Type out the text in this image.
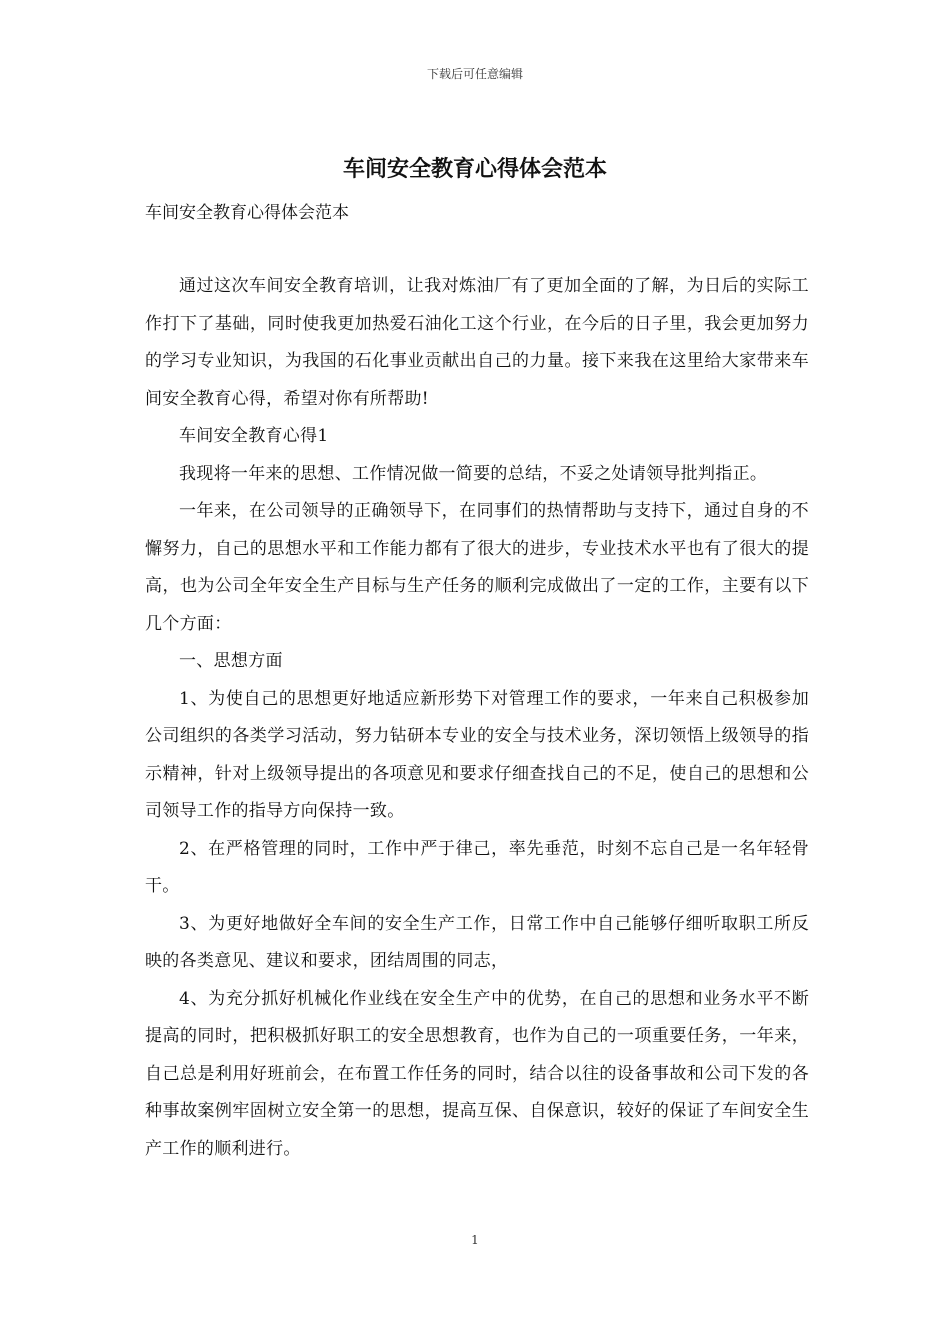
下载后可任意编辑
车间安全教育心得体会范本
车间安全教育心得体会范本

通过这次车间安全教育培训，让我对炼油厂有了更加全面的了解，为日后的实际工作打下了基础，同时使我更加热爱石油化工这个行业，在今后的日子里，我会更加努力的学习专业知识，为我国的石化事业贡献出自己的力量。接下来我在这里给大家带来车间安全教育心得，希望对你有所帮助!

车间安全教育心得1

我现将一年来的思想、工作情况做一简要的总结，不妥之处请领导批判指正。

一年来，在公司领导的正确领导下，在同事们的热情帮助与支持下，通过自身的不懈努力，自己的思想水平和工作能力都有了很大的进步，专业技术水平也有了很大的提高，也为公司全年安全生产目标与生产任务的顺利完成做出了一定的工作，主要有以下几个方面：

一、思想方面

1、为使自己的思想更好地适应新形势下对管理工作的要求，一年来自己积极参加公司组织的各类学习活动，努力钻研本专业的安全与技术业务，深切领悟上级领导的指示精神，针对上级领导提出的各项意见和要求仔细查找自己的不足，使自己的思想和公司领导工作的指导方向保持一致。

2、在严格管理的同时，工作中严于律己，率先垂范，时刻不忘自己是一名年轻骨干。

3、为更好地做好全车间的安全生产工作，日常工作中自己能够仔细听取职工所反映的各类意见、建议和要求，团结周围的同志，

4、为充分抓好机械化作业线在安全生产中的优势，在自己的思想和业务水平不断提高的同时，把积极抓好职工的安全思想教育，也作为自己的一项重要任务，一年来，自己总是利用好班前会，在布置工作任务的同时，结合以往的设备事故和公司下发的各种事故案例牢固树立安全第一的思想，提高互保、自保意识，较好的保证了车间安全生产工作的顺利进行。

1
